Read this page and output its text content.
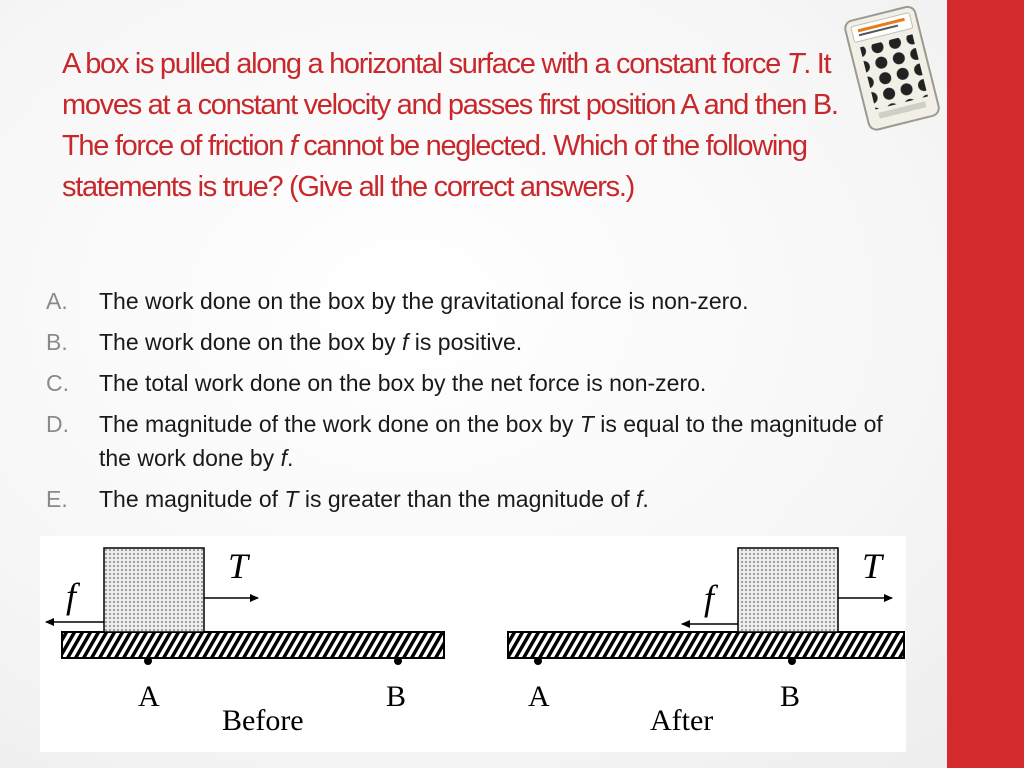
A box is pulled along a horizontal surface with a constant force T. It moves at a constant velocity and passes first position A and then B. The force of friction f cannot be neglected. Which of the following statements is true? (Give all the correct answers.)

A. The work done on the box by the gravitational force is non-zero.
B. The work done on the box by f is positive.
C. The total work done on the box by the net force is non-zero.
D. The magnitude of the work done on the box by T is equal to the magnitude of the work done by f.
E. The magnitude of T is greater than the magnitude of f.
T
f
A	B
Before
T
f
A	B
After
